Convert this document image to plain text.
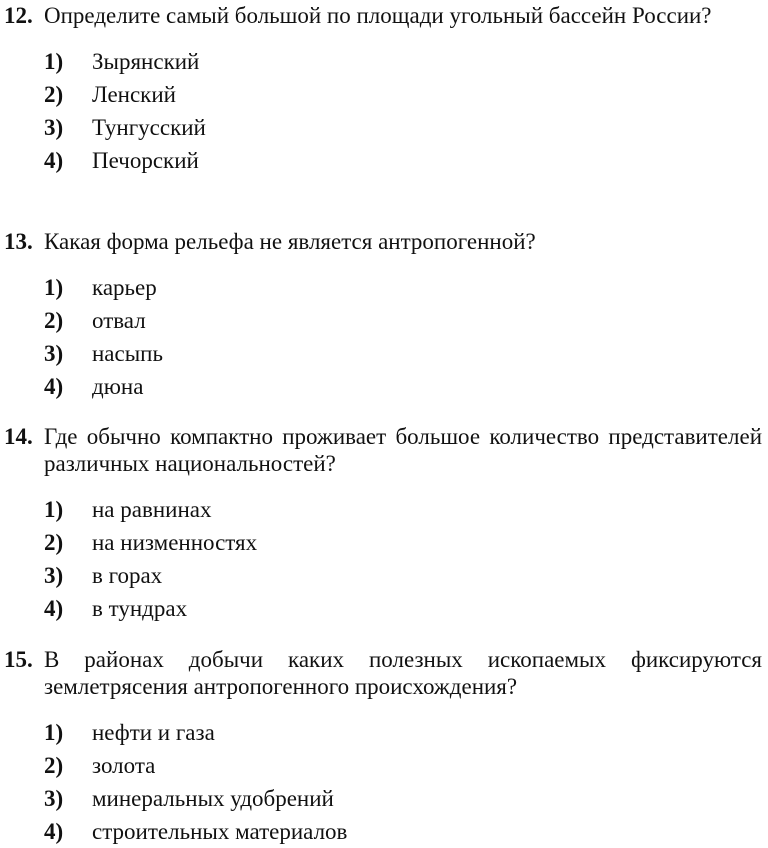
12. Определите самый большой по площади угольный бассейн России?
1) Зырянский
2) Ленский
3) Тунгусский
4) Печорский
13. Какая форма рельефа не является антропогенной?
1) карьер
2) отвал
3) насыпь
4) дюна
14. Где обычно компактно проживает большое количество представителей различных национальностей?
1) на равнинах
2) на низменностях
3) в горах
4) в тундрах
15. В районах добычи каких полезных ископаемых фиксируются землетрясения антропогенного происхождения?
1) нефти и газа
2) золота
3) минеральных удобрений
4) строительных материалов
